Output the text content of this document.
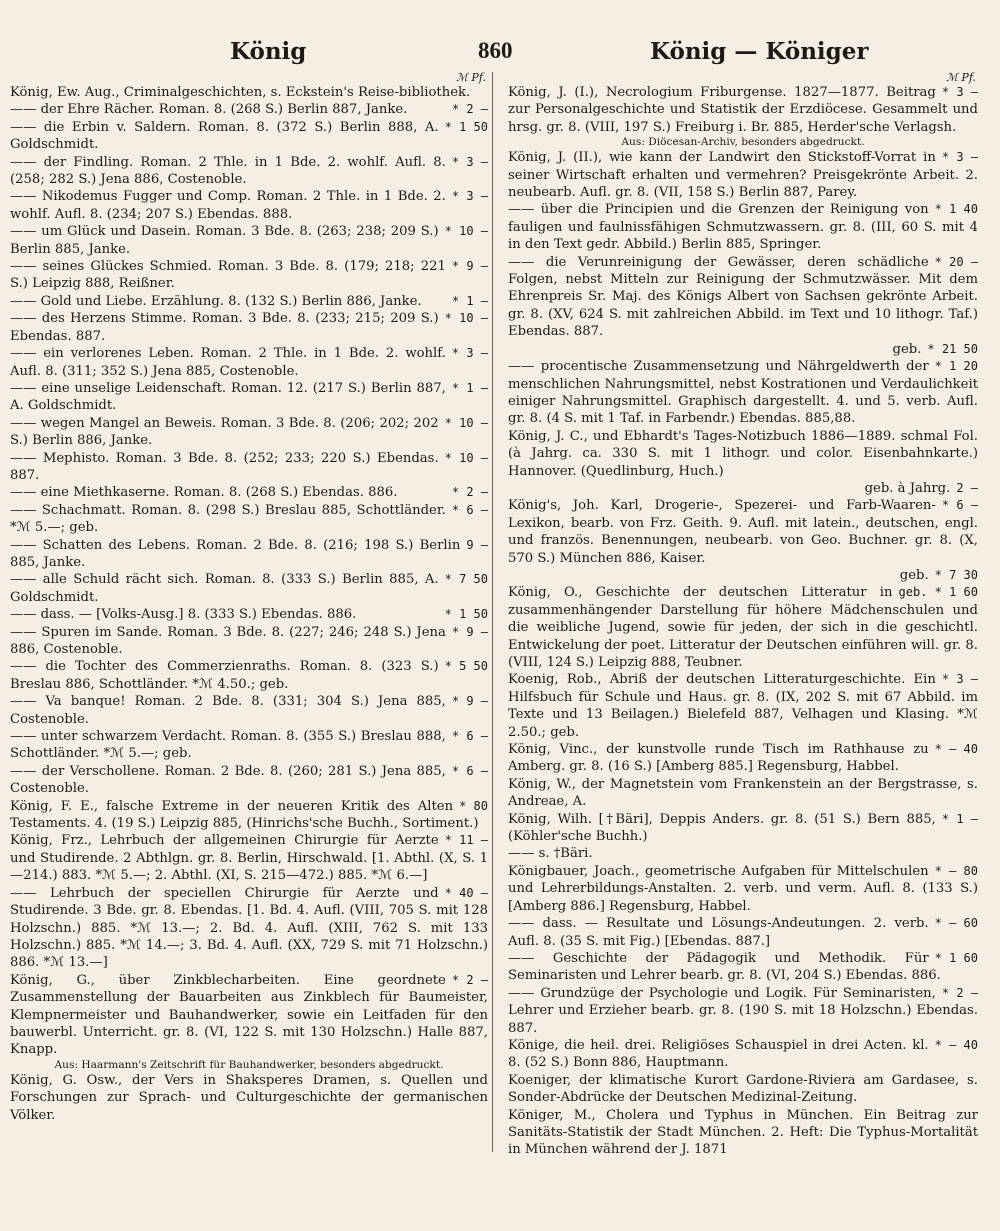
König	860	König — Königer
ℳ Pf.
König, Ew. Aug., Criminalgeschichten, s. Eckstein's Reise-bibliothek.
* 2 —
—— der Ehre Rächer. Roman. 8. (268 S.) Berlin 887, Janke.
* 1 50
—— die Erbin v. Saldern. Roman. 8. (372 S.) Berlin 888, A. Goldschmidt.
* 3 —
—— der Findling. Roman. 2 Thle. in 1 Bde. 2. wohlf. Aufl. 8. (258; 282 S.) Jena 886, Costenoble.
* 3 —
—— Nikodemus Fugger und Comp. Roman. 2 Thle. in 1 Bde. 2. wohlf. Aufl. 8. (234; 207 S.) Ebendas. 888.
* 10 —
—— um Glück und Dasein. Roman. 3 Bde. 8. (263; 238; 209 S.) Berlin 885, Janke.
* 9 —
—— seines Glückes Schmied. Roman. 3 Bde. 8. (179; 218; 221 S.) Leipzig 888, Reißner.
* 1 —
—— Gold und Liebe. Erzählung. 8. (132 S.) Berlin 886, Janke.
* 10 —
—— des Herzens Stimme. Roman. 3 Bde. 8. (233; 215; 209 S.) Ebendas. 887.
* 3 —
—— ein verlorenes Leben. Roman. 2 Thle. in 1 Bde. 2. wohlf. Aufl. 8. (311; 352 S.) Jena 885, Costenoble.
* 1 —
—— eine unselige Leidenschaft. Roman. 12. (217 S.) Berlin 887, A. Goldschmidt.
* 10 —
—— wegen Mangel an Beweis. Roman. 3 Bde. 8. (206; 202; 202 S.) Berlin 886, Janke.
* 10 —
—— Mephisto. Roman. 3 Bde. 8. (252; 233; 220 S.) Ebendas. 887.
* 2 —
—— eine Miethkaserne. Roman. 8. (268 S.) Ebendas. 886.
* 6 —
—— Schachmatt. Roman. 8. (298 S.) Breslau 885, Schottländer. *ℳ 5.—; geb.
9 —
—— Schatten des Lebens. Roman. 2 Bde. 8. (216; 198 S.) Berlin 885, Janke.
* 7 50
—— alle Schuld rächt sich. Roman. 8. (333 S.) Berlin 885, A. Goldschmidt.
* 1 50
—— dass. — [Volks-Ausg.] 8. (333 S.) Ebendas. 886.
* 9 —
—— Spuren im Sande. Roman. 3 Bde. 8. (227; 246; 248 S.) Jena 886, Costenoble.
* 5 50
—— die Tochter des Commerzienraths. Roman. 8. (323 S.) Breslau 886, Schottländer. *ℳ 4.50.; geb.
* 9 —
—— Va banque! Roman. 2 Bde. 8. (331; 304 S.) Jena 885, Costenoble.
* 6 —
—— unter schwarzem Verdacht. Roman. 8. (355 S.) Breslau 888, Schottländer. *ℳ 5.—; geb.
* 6 —
—— der Verschollene. Roman. 2 Bde. 8. (260; 281 S.) Jena 885, Costenoble.
* 80
König, F. E., falsche Extreme in der neueren Kritik des Alten Testaments. 4. (19 S.) Leipzig 885, (Hinrichs'sche Buchh., Sortiment.)
* 11 —
König, Frz., Lehrbuch der allgemeinen Chirurgie für Aerzte und Studirende. 2 Abthlgn. gr. 8. Berlin, Hirschwald. [1. Abthl. (X, S. 1—214.) 883. *ℳ 5.—; 2. Abthl. (XI, S. 215—472.) 885. *ℳ 6.—]
* 40 —
—— Lehrbuch der speciellen Chirurgie für Aerzte und Studirende. 3 Bde. gr. 8. Ebendas. [1. Bd. 4. Aufl. (VIII, 705 S. mit 128 Holzschn.) 885. *ℳ 13.—; 2. Bd. 4. Aufl. (XIII, 762 S. mit 133 Holzschn.) 885. *ℳ 14.—; 3. Bd. 4. Aufl. (XX, 729 S. mit 71 Holzschn.) 886. *ℳ 13.—]
* 2 —
König, G., über Zinkblecharbeiten. Eine geordnete Zusammenstellung der Bauarbeiten aus Zinkblech für Baumeister, Klempnermeister und Bauhandwerker, sowie ein Leitfaden für den bauwerbl. Unterricht. gr. 8. (VI, 122 S. mit 130 Holzschn.) Halle 887, Knapp.
Aus: Haarmann's Zeitschrift für Bauhandwerker, besonders abgedruckt.
König, G. Osw., der Vers in Shaksperes Dramen, s. Quellen und Forschungen zur Sprach- und Culturgeschichte der germanischen Völker.
ℳ Pf.
* 3 —
König, J. (I.), Necrologium Friburgense. 1827—1877. Beitrag zur Personalgeschichte und Statistik der Erzdiöcese. Gesammelt und hrsg. gr. 8. (VIII, 197 S.) Freiburg i. Br. 885, Herder'sche Verlagsh.
Aus: Diöcesan-Archiv, besonders abgedruckt.
* 3 —
König, J. (II.), wie kann der Landwirt den Stickstoff-Vorrat in seiner Wirtschaft erhalten und vermehren? Preisgekrönte Arbeit. 2. neubearb. Aufl. gr. 8. (VII, 158 S.) Berlin 887, Parey.
* 1 40
—— über die Principien und die Grenzen der Reinigung von fauligen und faulnissfähigen Schmutzwassern. gr. 8. (III, 60 S. mit 4 in den Text gedr. Abbild.) Berlin 885, Springer.
* 20 —
—— die Verunreinigung der Gewässer, deren schädliche Folgen, nebst Mitteln zur Reinigung der Schmutzwässer. Mit dem Ehrenpreis Sr. Maj. des Königs Albert von Sachsen gekrönte Arbeit. gr. 8. (XV, 624 S. mit zahlreichen Abbild. im Text und 10 lithogr. Taf.) Ebendas. 887.
* 21 50
geb.
* 1 20
—— procentische Zusammensetzung und Nährgeldwerth der menschlichen Nahrungsmittel, nebst Kostrationen und Verdaulichkeit einiger Nahrungsmittel. Graphisch dargestellt. 4. und 5. verb. Aufl. gr. 8. (4 S. mit 1 Taf. in Farbendr.) Ebendas. 885,88.
König, J. C., und Ebhardt's Tages-Notizbuch 1886—1889. schmal Fol. (à Jahrg. ca. 330 S. mit 1 lithogr. und color. Eisenbahnkarte.) Hannover. (Quedlinburg, Huch.)
2 —
geb. à Jahrg.
* 6 —
König's, Joh. Karl, Drogerie-, Spezerei- und Farb-Waaren-Lexikon, bearb. von Frz. Geith. 9. Aufl. mit latein., deutschen, engl. und französ. Benennungen, neubearb. von Geo. Buchner. gr. 8. (X, 570 S.) München 886, Kaiser.
* 7 30
geb.
geb. * 1 60
König, O., Geschichte der deutschen Litteratur in zusammenhängender Darstellung für höhere Mädchenschulen und die weibliche Jugend, sowie für jeden, der sich in die geschichtl. Entwickelung der poet. Litteratur der Deutschen einführen will. gr. 8. (VIII, 124 S.) Leipzig 888, Teubner.
* 3 —
Koenig, Rob., Abriß der deutschen Litteraturgeschichte. Ein Hilfsbuch für Schule und Haus. gr. 8. (IX, 202 S. mit 67 Abbild. im Texte und 13 Beilagen.) Bielefeld 887, Velhagen und Klasing. *ℳ 2.50.; geb.
* — 40
König, Vinc., der kunstvolle runde Tisch im Rathhause zu Amberg. gr. 8. (16 S.) [Amberg 885.] Regensburg, Habbel.
König, W., der Magnetstein vom Frankenstein an der Bergstrasse, s. Andreae, A.
* 1 —
König, Wilh. [†Bäri], Deppis Anders. gr. 8. (51 S.) Bern 885, (Köhler'sche Buchh.)
—— s. †Bäri.
* — 80
Königbauer, Joach., geometrische Aufgaben für Mittelschulen und Lehrerbildungs-Anstalten. 2. verb. und verm. Aufl. 8. (133 S.) [Amberg 886.] Regensburg, Habbel.
* — 60
—— dass. — Resultate und Lösungs-Andeutungen. 2. verb. Aufl. 8. (35 S. mit Fig.) [Ebendas. 887.]
* 1 60
—— Geschichte der Pädagogik und Methodik. Für Seminaristen und Lehrer bearb. gr. 8. (VI, 204 S.) Ebendas. 886.
* 2 —
—— Grundzüge der Psychologie und Logik. Für Seminaristen, Lehrer und Erzieher bearb. gr. 8. (190 S. mit 18 Holzschn.) Ebendas. 887.
* — 40
Könige, die heil. drei. Religiöses Schauspiel in drei Acten. kl. 8. (52 S.) Bonn 886, Hauptmann.
Koeniger, der klimatische Kurort Gardone-Riviera am Gardasee, s. Sonder-Abdrücke der Deutschen Medizinal-Zeitung.
Königer, M., Cholera und Typhus in München. Ein Beitrag zur Sanitäts-Statistik der Stadt München. 2. Heft: Die Typhus-Mortalität in München während der J. 1871
